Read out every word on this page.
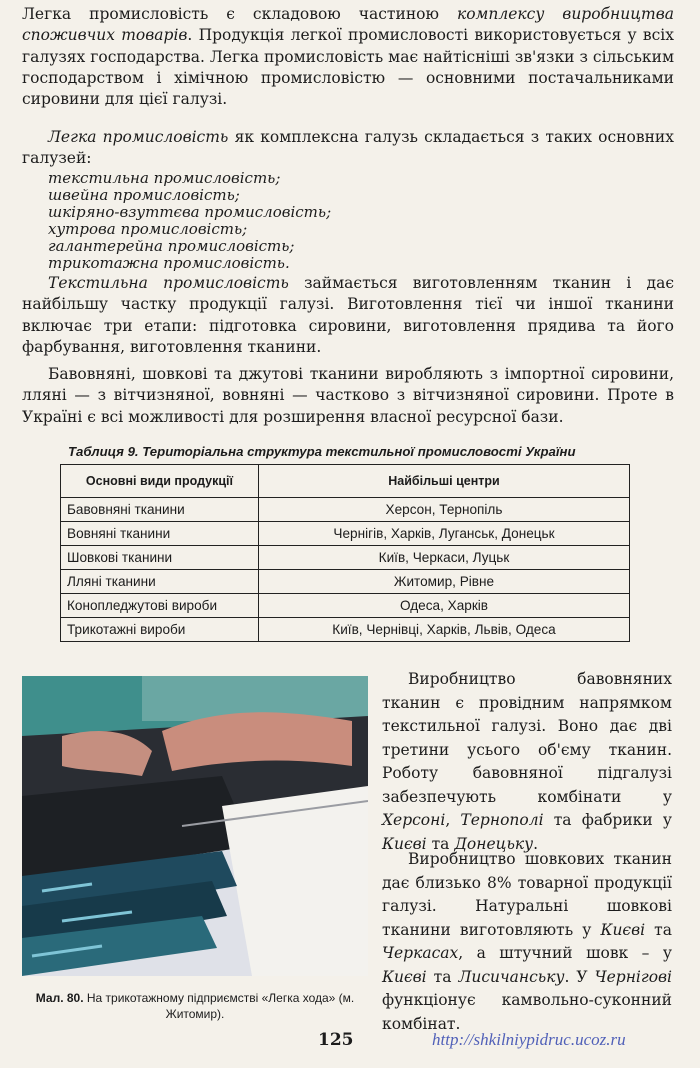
Легка промисловість є складовою частиною комплексу виробництва споживчих товарів. Продукція легкої промисловості використовується у всіх галузях господарства. Легка промисловість має найтісніші зв'язки з сільським господарством і хімічною промисловістю — основними постачальниками сировини для цієї галузі.

Легка промисловість як комплексна галузь складається з таких основних галузей:

текстильна промисловість;
швейна промисловість;
шкіряно-взуттєва промисловість;
хутрова промисловість;
галантерейна промисловість;
трикотажна промисловість.

Текстильна промисловість займається виготовленням тканин і дає найбільшу частку продукції галузі. Виготовлення тієї чи іншої тканини включає три етапи: підготовка сировини, виготовлення прядива та його фарбування, виготовлення тканини.

Бавовняні, шовкові та джутові тканини виробляють з імпортної сировини, лляні — з вітчизняної, вовняні — частково з вітчизняної сировини. Проте в Україні є всі можливості для розширення власної ресурсної бази.

Таблиця 9. Територіальна структура текстильної промисловості України
Основні види продукції	Найбільші центри
Бавовняні тканини	Херсон, Тернопіль
Вовняні тканини	Чернігів, Харків, Луганськ, Донецьк
Шовкові тканини	Київ, Черкаси, Луцьк
Лляні тканини	Житомир, Рівне
Конопледжутові вироби	Одеса, Харків
Трикотажні вироби	Київ, Чернівці, Харків, Львів, Одеса
Мал. 80. На трикотажному підприємстві «Легка хода» (м. Житомир).

Виробництво бавовняних тканин є провідним напрямком текстильної галузі. Воно дає дві третини усього об'єму тканин. Роботу бавовняної підгалузі забезпечують комбінати у Херсоні, Тернополі та фабрики у Києві та Донецьку.

Виробництво шовкових тканин дає близько 8% товарної продукції галузі. Натуральні шовкові тканини виготовляють у Києві та Черкасах, а штучний шовк – у Києві та Лисичанську. У Чернігові функціонує камвольно-суконний комбінат.

125	http://shkilniypidruc.ucoz.ru
